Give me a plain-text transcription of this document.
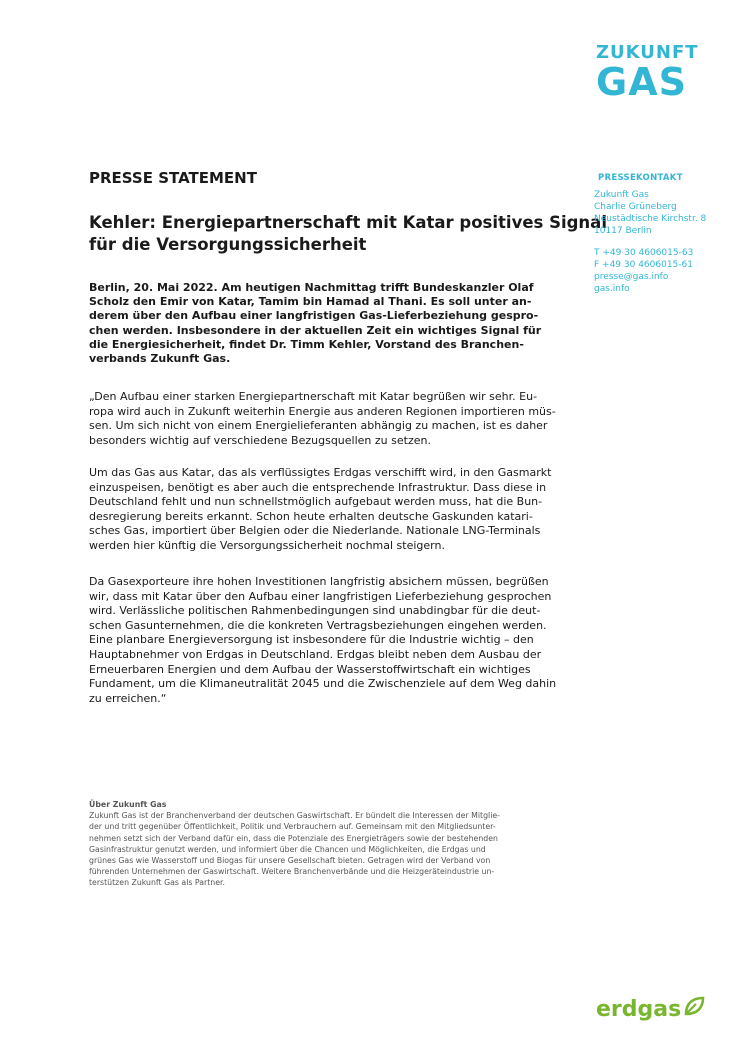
ZUKUNFT
GAS
PRESSE STATEMENT
Kehler: Energiepartnerschaft mit Katar positives Signal
für die Versorgungssicherheit
PRESSEKONTAKT
Zukunft Gas
Charlie Grüneberg
Neustädtische Kirchstr. 8
10117 Berlin
T +49 30 4606015-63
F +49 30 4606015-61
presse@gas.info
gas.info
Berlin, 20. Mai 2022. Am heutigen Nachmittag trifft Bundeskanzler Olaf
Scholz den Emir von Katar, Tamim bin Hamad al Thani. Es soll unter an-
derem über den Aufbau einer langfristigen Gas-Lieferbeziehung gespro-
chen werden. Insbesondere in der aktuellen Zeit ein wichtiges Signal für
die Energiesicherheit, findet Dr. Timm Kehler, Vorstand des Branchen-
verbands Zukunft Gas.
„Den Aufbau einer starken Energiepartnerschaft mit Katar begrüßen wir sehr. Eu-
ropa wird auch in Zukunft weiterhin Energie aus anderen Regionen importieren müs-
sen. Um sich nicht von einem Energielieferanten abhängig zu machen, ist es daher
besonders wichtig auf verschiedene Bezugsquellen zu setzen.
Um das Gas aus Katar, das als verflüssigtes Erdgas verschifft wird, in den Gasmarkt
einzuspeisen, benötigt es aber auch die entsprechende Infrastruktur. Dass diese in
Deutschland fehlt und nun schnellstmöglich aufgebaut werden muss, hat die Bun-
desregierung bereits erkannt. Schon heute erhalten deutsche Gaskunden katari-
sches Gas, importiert über Belgien oder die Niederlande. Nationale LNG-Terminals
werden hier künftig die Versorgungssicherheit nochmal steigern.
Da Gasexporteure ihre hohen Investitionen langfristig absichern müssen, begrüßen
wir, dass mit Katar über den Aufbau einer langfristigen Lieferbeziehung gesprochen
wird. Verlässliche politischen Rahmenbedingungen sind unabdingbar für die deut-
schen Gasunternehmen, die die konkreten Vertragsbeziehungen eingehen werden.
Eine planbare Energieversorgung ist insbesondere für die Industrie wichtig – den
Hauptabnehmer von Erdgas in Deutschland. Erdgas bleibt neben dem Ausbau der
Erneuerbaren Energien und dem Aufbau der Wasserstoffwirtschaft ein wichtiges
Fundament, um die Klimaneutralität 2045 und die Zwischenziele auf dem Weg dahin
zu erreichen.“
Über Zukunft Gas
Zukunft Gas ist der Branchenverband der deutschen Gaswirtschaft. Er bündelt die Interessen der Mitglie-
der und tritt gegenüber Öffentlichkeit, Politik und Verbrauchern auf. Gemeinsam mit den Mitgliedsunter-
nehmen setzt sich der Verband dafür ein, dass die Potenziale des Energieträgers sowie der bestehenden
Gasinfrastruktur genutzt werden, und informiert über die Chancen und Möglichkeiten, die Erdgas und
grünes Gas wie Wasserstoff und Biogas für unsere Gesellschaft bieten. Getragen wird der Verband von
führenden Unternehmen der Gaswirtschaft. Weitere Branchenverbände und die Heizgeräteindustrie un-
terstützen Zukunft Gas als Partner.
erdgas
